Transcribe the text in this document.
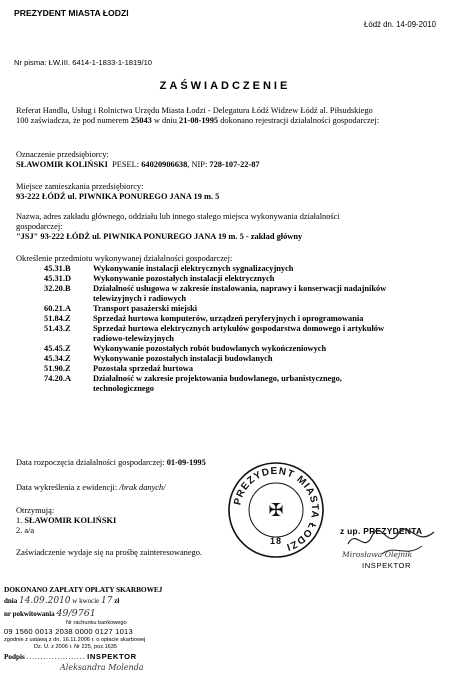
PREZYDENT MIASTA ŁODZI
Łódź dn. 14-09-2010
Nr pisma: ŁW.III. 6414-1-1833-1-1819/10
ZAŚWIADCZENIE
Referat Handlu, Usług i Rolnictwa Urzędu Miasta Łodzi - Delegatura Łódź Widzew Łódź al. Piłsudskiego
100 zaświadcza, że pod numerem 25043 w dniu 21-08-1995 dokonano rejestracji działalności gospodarczej:
Oznaczenie przedsiębiorcy:
SŁAWOMIR KOLIŃSKI PESEL: 64020906638, NIP: 728-107-22-87
Miejsce zamieszkania przedsiębiorcy:
93-222 ŁÓDŹ ul. PIWNIKA PONUREGO JANA 19 m. 5
Nazwa, adres zakładu głównego, oddziału lub innego stałego miejsca wykonywania działalności
gospodarczej:
"JSJ" 93-222 ŁÓDŹ ul. PIWNIKA PONUREGO JANA 19 m. 5 - zakład główny
Określenie przedmiotu wykonywanej działalności gospodarczej:
45.31.B	Wykonywanie instalacji elektrycznych sygnalizacyjnych
45.31.D	Wykonywanie pozostałych instalacji elektrycznych
32.20.B	Działalność usługowa w zakresie instalowania, naprawy i konserwacji nadajników
telewizyjnych i radiowych
60.21.A	Transport pasażerski miejski
51.84.Z	Sprzedaż hurtowa komputerów, urządzeń peryferyjnych i oprogramowania
51.43.Z	Sprzedaż hurtowa elektrycznych artykułów gospodarstwa domowego i artykułów
radiowo-telewizyjnych
45.45.Z	Wykonywanie pozostałych robót budowlanych wykończeniowych
45.34.Z	Wykonywanie pozostałych instalacji budowlanych
51.90.Z	Pozostała sprzedaż hurtowa
74.20.A	Działalność w zakresie projektowania budowlanego, urbanistycznego,
technologicznego
Data rozpoczęcia działalności gospodarczej: 01-09-1995
Data wykreślenia z ewidencji: /brak danych/
Otrzymują:
1. SŁAWOMIR KOLIŃSKI
2. a/a
Zaświadczenie wydaje się na prośbę zainteresowanego.
PREZYDENT MIASTA ŁODZI
18
✠
z up. PREZYDENTA
Mirosława Olejnik
INSPEKTOR
DOKONANO ZAPŁATY OPŁATY SKARBOWEJ
dnia 14.09.2010 w kwocie 17 zł
nr pokwitowania 49/9761
Nr rachunku bankowego
09 1560 0013 2038 0000 0127 1013
zgodnie z ustawą z dn. 16.11.2006 r. o opłacie skarbowej
Dz. U. z 2006 r. Nr 225, poz.1635
Podpis ..................... INSPEKTOR
Aleksandra Molenda
